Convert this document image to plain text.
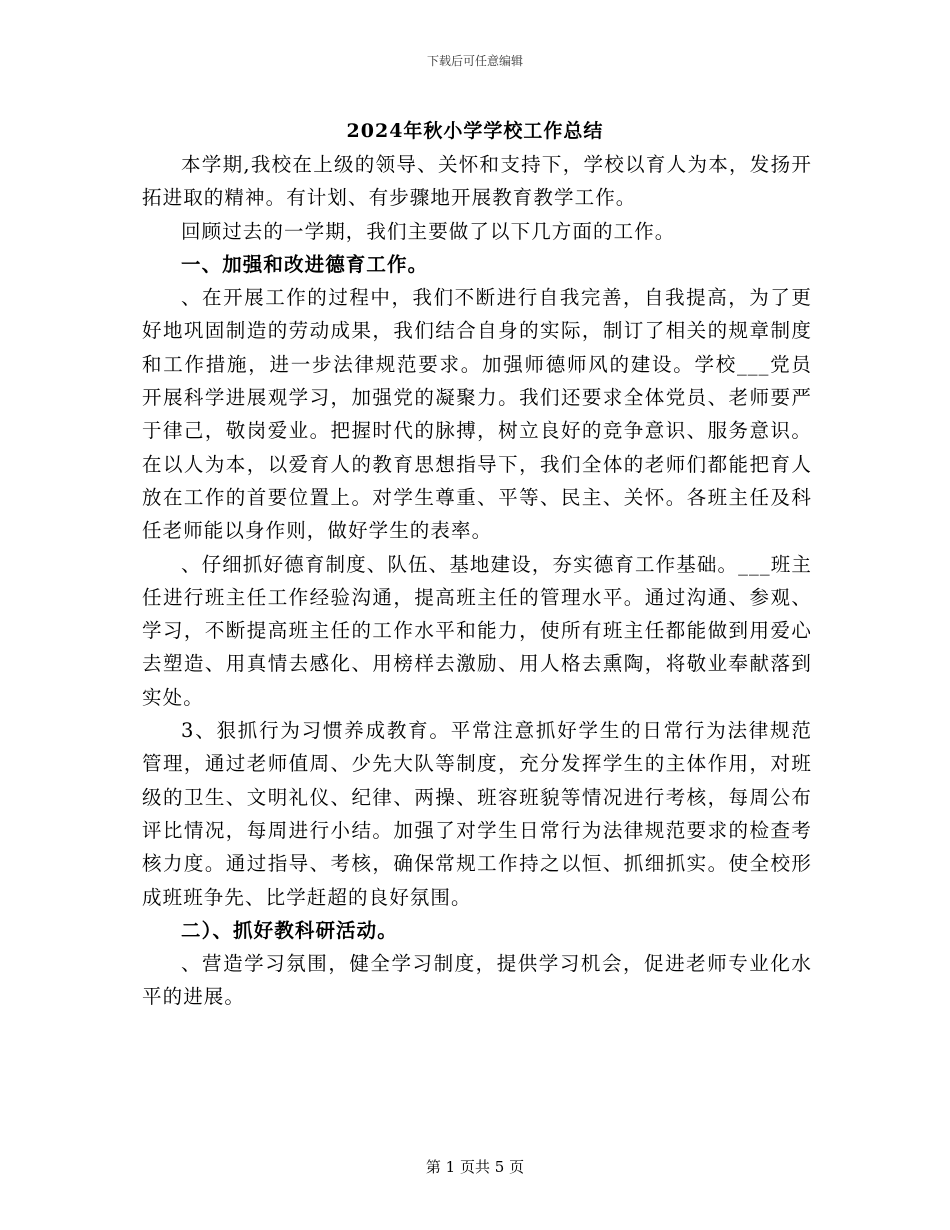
下载后可任意编辑
2024年秋小学学校工作总结

本学期,我校在上级的领导、关怀和支持下，学校以育人为本，发扬开拓进取的精神。有计划、有步骤地开展教育教学工作。

回顾过去的一学期，我们主要做了以下几方面的工作。

一、加强和改进德育工作。

、在开展工作的过程中，我们不断进行自我完善，自我提高，为了更好地巩固制造的劳动成果，我们结合自身的实际，制订了相关的规章制度和工作措施，进一步法律规范要求。加强师德师风的建设。学校___党员开展科学进展观学习，加强党的凝聚力。我们还要求全体党员、老师要严于律己，敬岗爱业。把握时代的脉搏，树立良好的竞争意识、服务意识。在以人为本，以爱育人的教育思想指导下，我们全体的老师们都能把育人放在工作的首要位置上。对学生尊重、平等、民主、关怀。各班主任及科任老师能以身作则，做好学生的表率。

、仔细抓好德育制度、队伍、基地建设，夯实德育工作基础。___班主任进行班主任工作经验沟通，提高班主任的管理水平。通过沟通、参观、学习，不断提高班主任的工作水平和能力，使所有班主任都能做到用爱心去塑造、用真情去感化、用榜样去激励、用人格去熏陶，将敬业奉献落到实处。

3、狠抓行为习惯养成教育。平常注意抓好学生的日常行为法律规范管理，通过老师值周、少先大队等制度，充分发挥学生的主体作用，对班级的卫生、文明礼仪、纪律、两操、班容班貌等情况进行考核，每周公布评比情况，每周进行小结。加强了对学生日常行为法律规范要求的检查考核力度。通过指导、考核，确保常规工作持之以恒、抓细抓实。使全校形成班班争先、比学赶超的良好氛围。

二）、抓好教科研活动。

、营造学习氛围，健全学习制度，提供学习机会，促进老师专业化水平的进展。

第 1 页共 5 页
